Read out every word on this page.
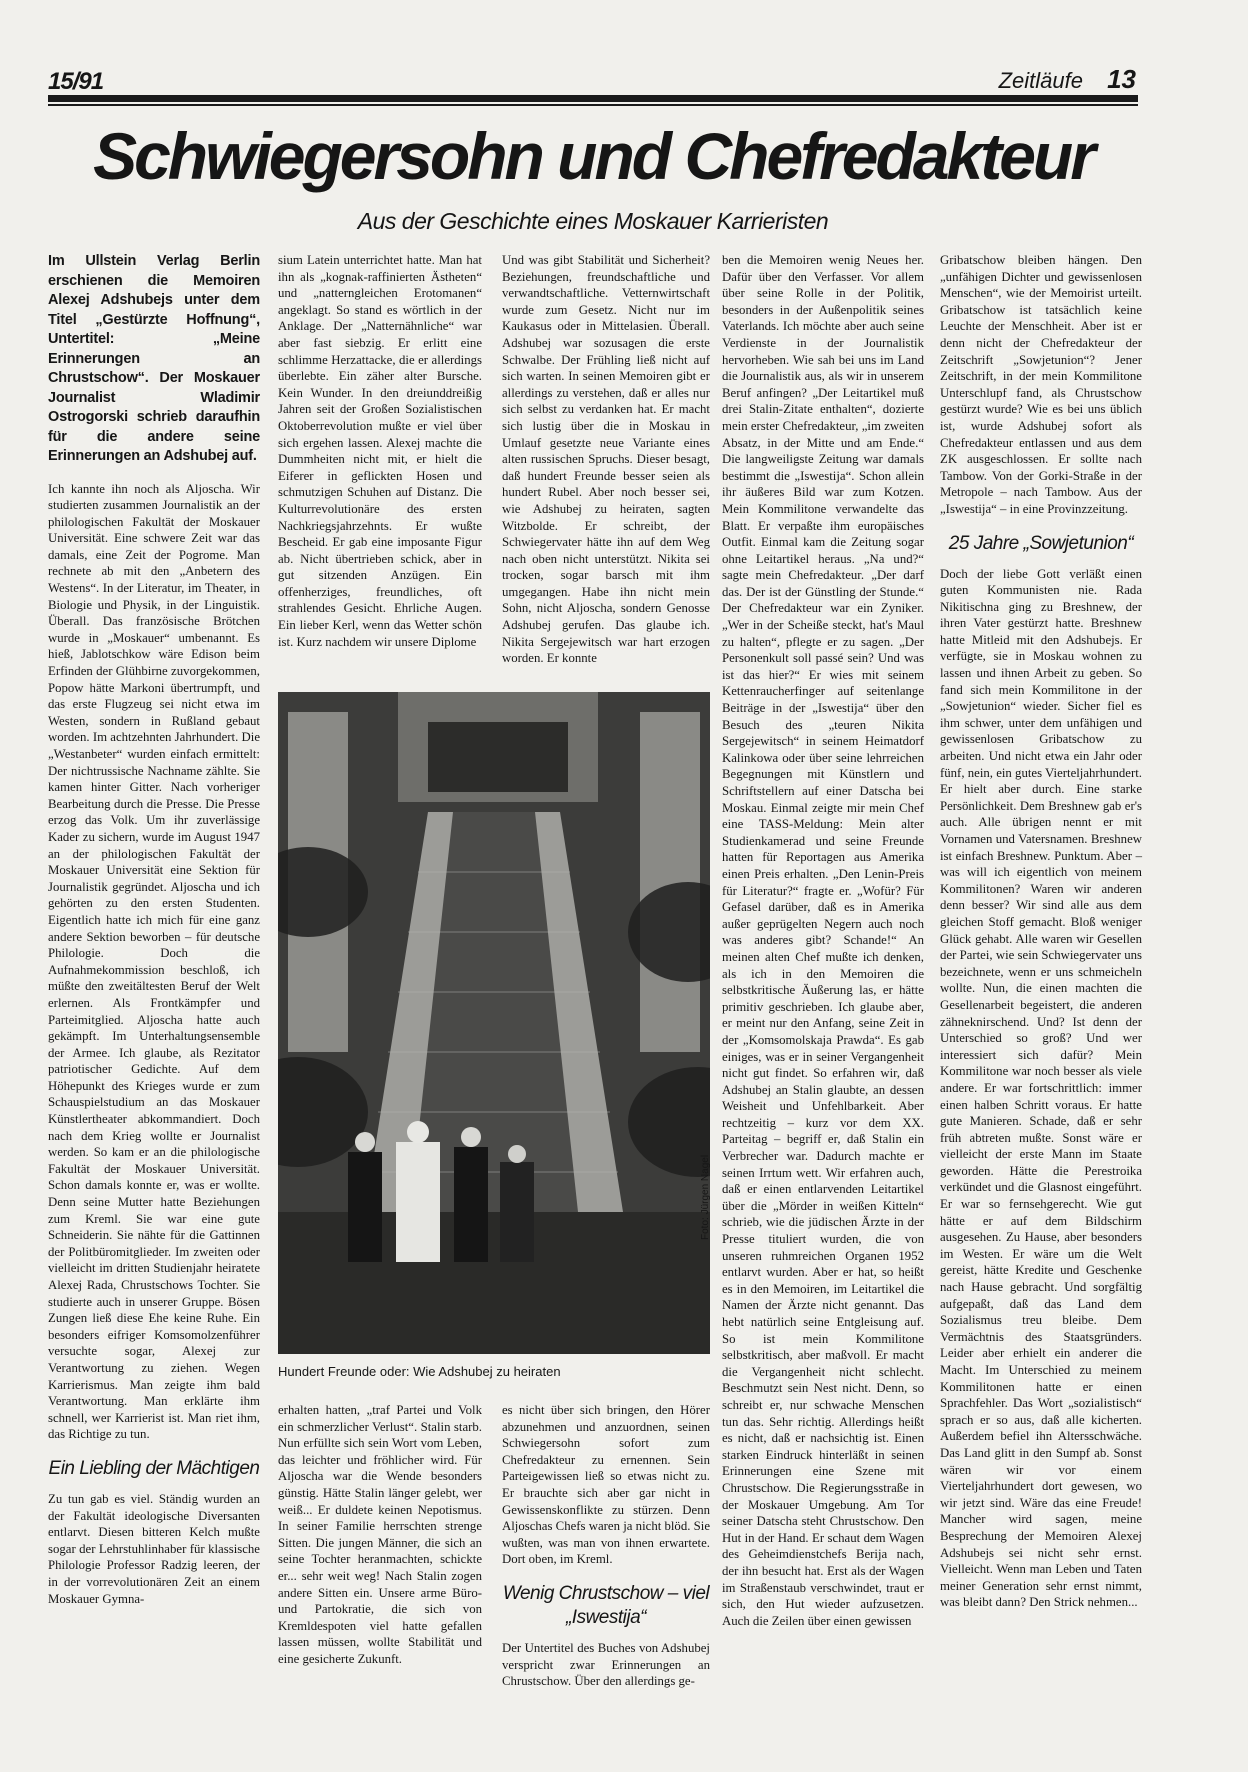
15/91	Zeitläufe 13
Schwiegersohn und Chefredakteur
Aus der Geschichte eines Moskauer Karrieristen

Im Ullstein Verlag Berlin erschienen die Memoiren Alexej Adshubejs unter dem Titel „Gestürzte Hoffnung“, Untertitel: „Meine Erinnerungen an Chrustschow“. Der Moskauer Journalist Wladimir Ostrogorski schrieb daraufhin für die andere seine Erinnerungen an Adshubej auf.

Ich kannte ihn noch als Aljoscha. Wir studierten zusammen Journalistik an der philologischen Fakultät der Moskauer Universität. Eine schwere Zeit war das damals, eine Zeit der Pogrome. Man rechnete ab mit den „Anbetern des Westens“. In der Literatur, im Theater, in Biologie und Physik, in der Linguistik. Überall. Das französische Brötchen wurde in „Moskauer“ umbenannt. Es hieß, Jablotschkow wäre Edison beim Erfinden der Glühbirne zuvorgekommen, Popow hätte Markoni übertrumpft, und das erste Flugzeug sei nicht etwa im Westen, sondern in Rußland gebaut worden. Im achtzehnten Jahrhundert. Die „Westanbeter“ wurden einfach ermittelt: Der nichtrussische Nachname zählte. Sie kamen hinter Gitter. Nach vorheriger Bearbeitung durch die Presse. Die Presse erzog das Volk. Um ihr zuverlässige Kader zu sichern, wurde im August 1947 an der philologischen Fakultät der Moskauer Universität eine Sektion für Journalistik gegründet. Aljoscha und ich gehörten zu den ersten Studenten. Eigentlich hatte ich mich für eine ganz andere Sektion beworben – für deutsche Philologie. Doch die Aufnahmekommission beschloß, ich müßte den zweitältesten Beruf der Welt erlernen. Als Frontkämpfer und Parteimitglied. Aljoscha hatte auch gekämpft. Im Unterhaltungsensemble der Armee. Ich glaube, als Rezitator patriotischer Gedichte. Auf dem Höhepunkt des Krieges wurde er zum Schauspielstudium an das Moskauer Künstlertheater abkommandiert. Doch nach dem Krieg wollte er Journalist werden. So kam er an die philologische Fakultät der Moskauer Universität. Schon damals konnte er, was er wollte. Denn seine Mutter hatte Beziehungen zum Kreml. Sie war eine gute Schneiderin. Sie nähte für die Gattinnen der Politbüromitglieder. Im zweiten oder vielleicht im dritten Studienjahr heiratete Alexej Rada, Chrustschows Tochter. Sie studierte auch in unserer Gruppe. Bösen Zungen ließ diese Ehe keine Ruhe. Ein besonders eifriger Komsomolzenführer versuchte sogar, Alexej zur Verantwortung zu ziehen. Wegen Karrierismus. Man zeigte ihm bald Verantwortung. Man erklärte ihm schnell, wer Karrierist ist. Man riet ihm, das Richtige zu tun.

Ein Liebling der Mächtigen

Zu tun gab es viel. Ständig wurden an der Fakultät ideologische Diversanten entlarvt. Diesen bitteren Kelch mußte sogar der Lehrstuhlinhaber für klassische Philologie Professor Radzig leeren, der in der vorrevolutionären Zeit an einem Moskauer Gymna-

sium Latein unterrichtet hatte. Man hat ihn als „kognak-raffinierten Ästheten“ und „natterngleichen Erotomanen“ angeklagt. So stand es wörtlich in der Anklage. Der „Natternähnliche“ war aber fast siebzig. Er erlitt eine schlimme Herzattacke, die er allerdings überlebte. Ein zäher alter Bursche. Kein Wunder. In den dreiunddreißig Jahren seit der Großen Sozialistischen Oktoberrevolution mußte er viel über sich ergehen lassen. Alexej machte die Dummheiten nicht mit, er hielt die Eiferer in geflickten Hosen und schmutzigen Schuhen auf Distanz. Die Kulturrevolutionäre des ersten Nachkriegsjahrzehnts. Er wußte Bescheid. Er gab eine imposante Figur ab. Nicht übertrieben schick, aber in gut sitzenden Anzügen. Ein offenherziges, freundliches, oft strahlendes Gesicht. Ehrliche Augen. Ein lieber Kerl, wenn das Wetter schön ist. Kurz nachdem wir unsere Diplome

Und was gibt Stabilität und Sicherheit? Beziehungen, freundschaftliche und verwandtschaftliche. Vetternwirtschaft wurde zum Gesetz. Nicht nur im Kaukasus oder in Mittelasien. Überall. Adshubej war sozusagen die erste Schwalbe. Der Frühling ließ nicht auf sich warten. In seinen Memoiren gibt er allerdings zu verstehen, daß er alles nur sich selbst zu verdanken hat. Er macht sich lustig über die in Moskau in Umlauf gesetzte neue Variante eines alten russischen Spruchs. Dieser besagt, daß hundert Freunde besser seien als hundert Rubel. Aber noch besser sei, wie Adshubej zu heiraten, sagten Witzbolde. Er schreibt, der Schwiegervater hätte ihn auf dem Weg nach oben nicht unterstützt. Nikita sei trocken, sogar barsch mit ihm umgegangen. Habe ihn nicht mein Sohn, nicht Aljoscha, sondern Genosse Adshubej gerufen. Das glaube ich. Nikita Sergejewitsch war hart erzogen worden. Er konnte

Foto: Jürgen Nagel
Hundert Freunde oder: Wie Adshubej zu heiraten

erhalten hatten, „traf Partei und Volk ein schmerzlicher Verlust“. Stalin starb. Nun erfüllte sich sein Wort vom Leben, das leichter und fröhlicher wird. Für Aljoscha war die Wende besonders günstig. Hätte Stalin länger gelebt, wer weiß... Er duldete keinen Nepotismus. In seiner Familie herrschten strenge Sitten. Die jungen Männer, die sich an seine Tochter heranmachten, schickte er... sehr weit weg! Nach Stalin zogen andere Sitten ein. Unsere arme Büro- und Partokratie, die sich von Kremldespoten viel hatte gefallen lassen müssen, wollte Stabilität und eine gesicherte Zukunft.

es nicht über sich bringen, den Hörer abzunehmen und anzuordnen, seinen Schwiegersohn sofort zum Chefredakteur zu ernennen. Sein Parteigewissen ließ so etwas nicht zu. Er brauchte sich aber gar nicht in Gewissenskonflikte zu stürzen. Denn Aljoschas Chefs waren ja nicht blöd. Sie wußten, was man von ihnen erwartete. Dort oben, im Kreml.

Wenig Chrustschow – viel „Iswestija“

Der Untertitel des Buches von Adshubej verspricht zwar Erinnerungen an Chrustschow. Über den allerdings ge-

ben die Memoiren wenig Neues her. Dafür über den Verfasser. Vor allem über seine Rolle in der Politik, besonders in der Außenpolitik seines Vaterlands. Ich möchte aber auch seine Verdienste in der Journalistik hervorheben. Wie sah bei uns im Land die Journalistik aus, als wir in unserem Beruf anfingen? „Der Leitartikel muß drei Stalin-Zitate enthalten“, dozierte mein erster Chefredakteur, „im zweiten Absatz, in der Mitte und am Ende.“ Die langweiligste Zeitung war damals bestimmt die „Iswestija“. Schon allein ihr äußeres Bild war zum Kotzen. Mein Kommilitone verwandelte das Blatt. Er verpaßte ihm europäisches Outfit. Einmal kam die Zeitung sogar ohne Leitartikel heraus. „Na und?“ sagte mein Chefredakteur. „Der darf das. Der ist der Günstling der Stunde.“ Der Chefredakteur war ein Zyniker. „Wer in der Scheiße steckt, hat's Maul zu halten“, pflegte er zu sagen. „Der Personenkult soll passé sein? Und was ist das hier?“ Er wies mit seinem Kettenraucherfinger auf seitenlange Beiträge in der „Iswestija“ über den Besuch des „teuren Nikita Sergejewitsch“ in seinem Heimatdorf Kalinkowa oder über seine lehrreichen Begegnungen mit Künstlern und Schriftstellern auf einer Datscha bei Moskau. Einmal zeigte mir mein Chef eine TASS-Meldung: Mein alter Studienkamerad und seine Freunde hatten für Reportagen aus Amerika einen Preis erhalten. „Den Lenin-Preis für Literatur?“ fragte er. „Wofür? Für Gefasel darüber, daß es in Amerika außer geprügelten Negern auch noch was anderes gibt? Schande!“ An meinen alten Chef mußte ich denken, als ich in den Memoiren die selbstkritische Äußerung las, er hätte primitiv geschrieben. Ich glaube aber, er meint nur den Anfang, seine Zeit in der „Komsomolskaja Prawda“. Es gab einiges, was er in seiner Vergangenheit nicht gut findet. So erfahren wir, daß Adshubej an Stalin glaubte, an dessen Weisheit und Unfehlbarkeit. Aber rechtzeitig – kurz vor dem XX. Parteitag – begriff er, daß Stalin ein Verbrecher war. Dadurch machte er seinen Irrtum wett. Wir erfahren auch, daß er einen entlarvenden Leitartikel über die „Mörder in weißen Kitteln“ schrieb, wie die jüdischen Ärzte in der Presse tituliert wurden, die von unseren ruhmreichen Organen 1952 entlarvt wurden. Aber er hat, so heißt es in den Memoiren, im Leitartikel die Namen der Ärzte nicht genannt. Das hebt natürlich seine Entgleisung auf. So ist mein Kommilitone selbstkritisch, aber maßvoll. Er macht die Vergangenheit nicht schlecht. Beschmutzt sein Nest nicht. Denn, so schreibt er, nur schwache Menschen tun das. Sehr richtig. Allerdings heißt es nicht, daß er nachsichtig ist. Einen starken Eindruck hinterläßt in seinen Erinnerungen eine Szene mit Chrustschow. Die Regierungsstraße in der Moskauer Umgebung. Am Tor seiner Datscha steht Chrustschow. Den Hut in der Hand. Er schaut dem Wagen des Geheimdienstchefs Berija nach, der ihn besucht hat. Erst als der Wagen im Straßenstaub verschwindet, traut er sich, den Hut wieder aufzusetzen. Auch die Zeilen über einen gewissen

Gribatschow bleiben hängen. Den „unfähigen Dichter und gewissenlosen Menschen“, wie der Memoirist urteilt. Gribatschow ist tatsächlich keine Leuchte der Menschheit. Aber ist er denn nicht der Chefredakteur der Zeitschrift „Sowjetunion“? Jener Zeitschrift, in der mein Kommilitone Unterschlupf fand, als Chrustschow gestürzt wurde? Wie es bei uns üblich ist, wurde Adshubej sofort als Chefredakteur entlassen und aus dem ZK ausgeschlossen. Er sollte nach Tambow. Von der Gorki-Straße in der Metropole – nach Tambow. Aus der „Iswestija“ – in eine Provinzzeitung.

25 Jahre „Sowjetunion“

Doch der liebe Gott verläßt einen guten Kommunisten nie. Rada Nikitischna ging zu Breshnew, der ihren Vater gestürzt hatte. Breshnew hatte Mitleid mit den Adshubejs. Er verfügte, sie in Moskau wohnen zu lassen und ihnen Arbeit zu geben. So fand sich mein Kommilitone in der „Sowjetunion“ wieder. Sicher fiel es ihm schwer, unter dem unfähigen und gewissenlosen Gribatschow zu arbeiten. Und nicht etwa ein Jahr oder fünf, nein, ein gutes Vierteljahrhundert. Er hielt aber durch. Eine starke Persönlichkeit. Dem Breshnew gab er's auch. Alle übrigen nennt er mit Vornamen und Vatersnamen. Breshnew ist einfach Breshnew. Punktum. Aber – was will ich eigentlich von meinem Kommilitonen? Waren wir anderen denn besser? Wir sind alle aus dem gleichen Stoff gemacht. Bloß weniger Glück gehabt. Alle waren wir Gesellen der Partei, wie sein Schwiegervater uns bezeichnete, wenn er uns schmeicheln wollte. Nun, die einen machten die Gesellenarbeit begeistert, die anderen zähneknirschend. Und? Ist denn der Unterschied so groß? Und wer interessiert sich dafür? Mein Kommilitone war noch besser als viele andere. Er war fortschrittlich: immer einen halben Schritt voraus. Er hatte gute Manieren. Schade, daß er sehr früh abtreten mußte. Sonst wäre er vielleicht der erste Mann im Staate geworden. Hätte die Perestroika verkündet und die Glasnost eingeführt. Er war so fernsehgerecht. Wie gut hätte er auf dem Bildschirm ausgesehen. Zu Hause, aber besonders im Westen. Er wäre um die Welt gereist, hätte Kredite und Geschenke nach Hause gebracht. Und sorgfältig aufgepaßt, daß das Land dem Sozialismus treu bleibe. Dem Vermächtnis des Staatsgründers. Leider aber erhielt ein anderer die Macht. Im Unterschied zu meinem Kommilitonen hatte er einen Sprachfehler. Das Wort „sozialistisch“ sprach er so aus, daß alle kicherten. Außerdem befiel ihn Altersschwäche. Das Land glitt in den Sumpf ab. Sonst wären wir vor einem Vierteljahrhundert dort gewesen, wo wir jetzt sind. Wäre das eine Freude! Mancher wird sagen, meine Besprechung der Memoiren Alexej Adshubejs sei nicht sehr ernst. Vielleicht. Wenn man Leben und Taten meiner Generation sehr ernst nimmt, was bleibt dann? Den Strick nehmen...
